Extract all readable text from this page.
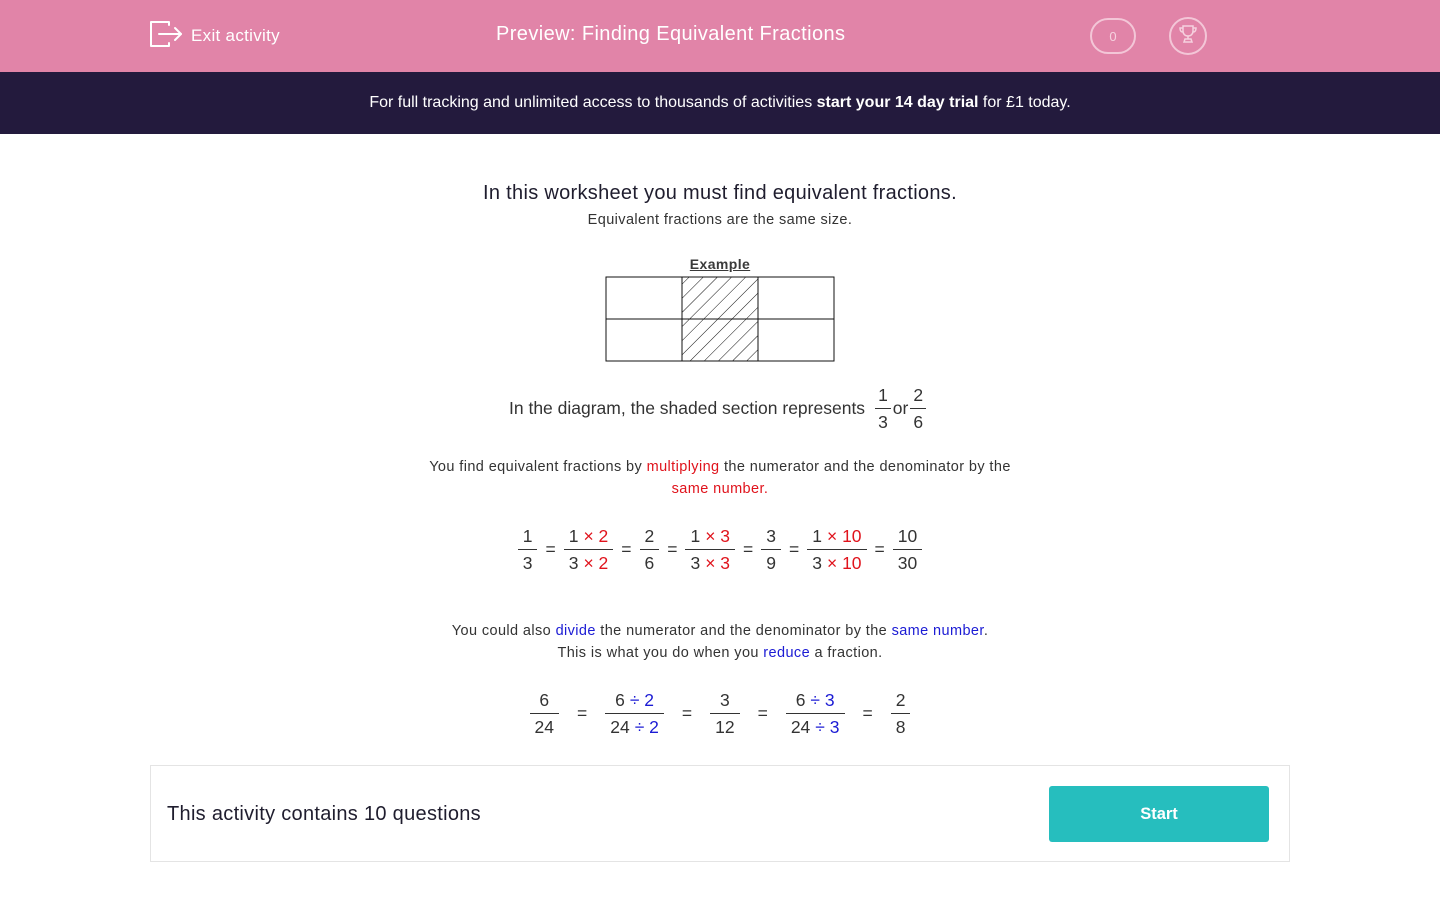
Exit activity	Preview: Finding Equivalent Fractions	0
For full tracking and unlimited access to thousands of activities start your 14 day trial for £1 today.
In this worksheet you must find equivalent fractions.
Equivalent fractions are the same size.
Example
In the diagram, the shaded section represents $\frac{1}{3}$ or $\frac{2}{6}$
You find equivalent fractions by multiplying the numerator and the denominator by the
same number.
$\frac{1}{3} = \frac{1 \times 2}{3 \times 2} = \frac{2}{6} = \frac{1 \times 3}{3 \times 3} = \frac{3}{9} = \frac{1 \times 10}{3 \times 10} = \frac{10}{30}$
You could also divide the numerator and the denominator by the same number.
This is what you do when you reduce a fraction.
$\frac{6}{24} = \frac{6 \div 2}{24 \div 2} = \frac{3}{12} = \frac{6 \div 3}{24 \div 3} = \frac{2}{8}$
This activity contains 10 questions	Start
